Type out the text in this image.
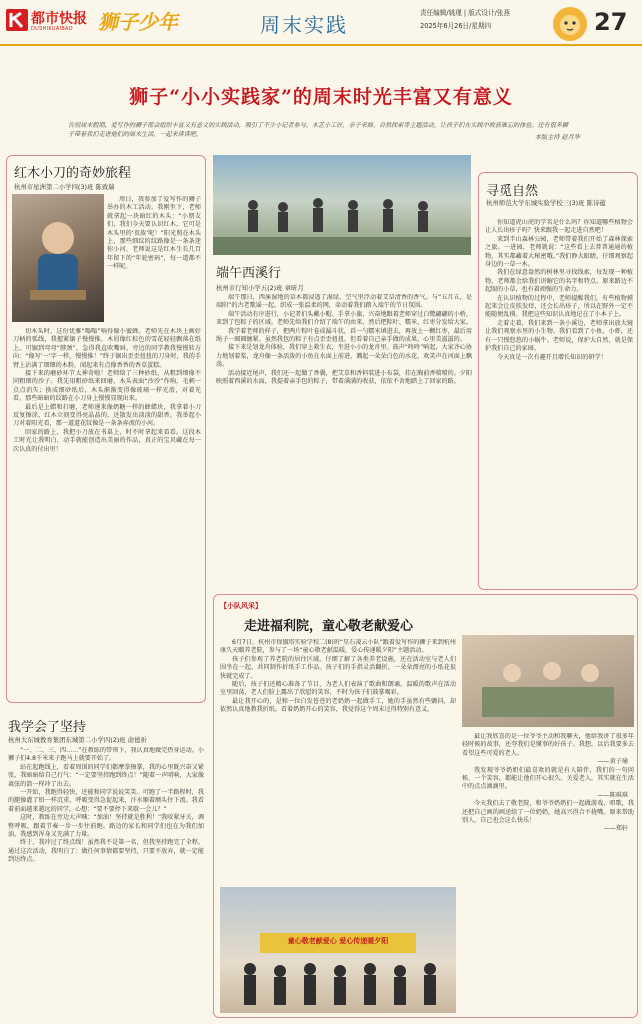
都市快报
DUSHIKUAIBAO 狮子少年	周末实践	责任编辑/姚瑾 | 版式设计/张燕
2025年6月26日/星期四	27
狮子“小小实践家”的周末时光丰富又有意义
告别周末假期，爱写作的狮子都会组织丰富又有意义的实践活动，吸引了不少小记者参与。木艺小工匠、亲子采摘、自然探索等主题活动，让孩子们在实践中收获难忘的体验。还有很多狮子带着我们走进他们的周末生活，一起来读读吧。	本版主持 赵月华
红木小刀的奇妙旅程
杭州市星洲第二小学四(3)班 陈致瑞

周日，我参加了爱写作的狮子举办的木工活动。我刚坐下，老师就拿起一块暗红的木头：“小朋友们，我们今天要认识红木，它可是木头里的‘贵族’呢！”阳光照在木头上，那些细纹的纹路像是一条条迷你小河，老师说这是红木生长几百年留下的“年轮密码”，每一道都不一样呢。

切木头时，这份优雅“嗡嗡”响得像小蜜蜂。老师先在木块上画好刀柄的弧线，我握紧锯子慢慢推，木屑像红棕色的雪花轻轻飘落在纸上。可锯到弯弯“脖颈”，急得我直吹嘴唇，旁边的同学教我慢慢转方向：“像写‘一’字一样，慢慢推！”终于锯出歪歪扭扭的刀身时，我的手臂上沾满了细细的木粉，闻起来有点像香香的香草蛋糕。

接下来的磨砂环节太神奇啦！老师给了三种砂纸，从粗到细像不同粗细的沙子。我先用粗砂纸来回磨，木头表面“沙沙”作响，毛刺一点点消失；换成细砂纸后，木头渐渐变得像玻璃一样光滑，对着光看，那些暗暗的纹路在小刀身上慢慢显现出来。

最后是上蜡和打磨，老师递来像奶糖一样的蜂蜡块，我拿着小刀反复擦涂，红木立刻变得亮晶晶的，还散发出淡淡的甜香。我举起小刀对着阳光看，那一道道花纹像是一条条奔流的小河。

回家的路上，我把小刀放在书桌上，时不时拿起来看看。这段木工时光让我明白，动手就能创造出美丽的作品，真正的宝贝藏在每一次认真的付出里！

我学会了坚持
杭州大东城教育集团东城第二小学四(2)班 俞德祈

“一、二、三、四……”在教练的带领下，我认真地做完热身运动。小狮子们4.8千米来子跑马上就要开始了。

站在起跑线上，看着周围的同学们都摩拳擦掌，我的心里既兴奋又紧张，我暗暗给自己打气：“一定要坚持跑到终点！”随着一声哨响，大家像离弦的箭一样冲了出去。

一开始，我跑得轻快，还能和同学说说笑笑。可跑了一半路程时，我的腿像灌了铅一样沉重，呼吸变得急促起来，汗水顺着额头往下流。我看着前面越来越远的同学，心想：“要不要停下来歇一会儿？”

这时，教练在旁边大声喊：“加油！坚持就是胜利！”我咬紧牙关，调整呼吸，跟着节奏一步一步往前跑。路边的家长和同学们也在为我们加油，我感到浑身又充满了力量。

终于，我冲过了终点线！虽然我不是第一名，但我坚持跑完了全程。通过这次活动，我明白了：做任何事情都要坚持，只要不放弃，就一定能到达终点。

端午西溪行
杭州市行知小学五(2)班 章昕月

端午那日，西溪湿地的草木都浸透了湿绿，空气里浮动着艾草清香的香气。与“五月五，是端阳”的古老歌谣一起，织成一张温柔的网，牵动着我们踏入端午的节日氛围。

端午活动有序进行，小记者们头戴小帽、手拿小旗，兴奋地跟着老师穿过白鹭翩翩的小桥，来到了包粽子的区域。老师先给我们介绍了端午的由来，然后把粽叶、糯米、红枣分发给大家。

我学着老师的样子，把两片粽叶卷成漏斗状，舀一勺糯米填进去，再放上一颗红枣，最后用绳子一圈圈缠紧。虽然我包的粽子有点歪歪扭扭，但看着自己亲手做的成果，心里美滋滋的。

接下来是划龙舟体验，我们穿上救生衣，坐进小小的龙舟里。鼓声“咚咚”响起，大家齐心协力地划着桨，龙舟像一条活泼的小鱼在水面上前进，溅起一朵朵白色的水花，欢笑声在河面上飘荡。

活动接近尾声，我们还一起做了香囊，把艾草和香料装进小布袋，挂在胸前香喷喷的。夕阳映照着西溪的水面，我提着亲手包的粽子，带着满满的收获，依依不舍地踏上了回家的路。

寻觅自然
杭州师范大学东城实验学校三(3)班 陈诗蕴

你知道虎山虎的学名是什么吗？你知道哪些植物会让人长出疹子吗？快来跟我一起走进自然吧！

来到半山森林公园，老师带着我们开始了森林探索之旅。一进园，老师就说：“这些看上去普普通通的植物，其实都藏着大秘密哦。”我们睁大眼睛，仔细观察起身边的一草一木。

我们在绿意盎然的树林里寻找线索，每发现一种植物，老师都会给我们讲解它的名字和特点。原来路边不起眼的小草，也有着顽强的生命力。

在认识植物的过程中，老师提醒我们，有些植物摸起来会让皮肤发痒，还会长出疹子，所以在野外一定不能随便乱摸。我把这些知识认真地记在了小本子上。

走着走着，我们来到一条小溪边，老师拿出放大镜让我们观察水里的小生物。我们看到了小鱼、小虾，还有一只慢悠悠的小蜗牛。老师说，保护大自然，就是保护我们自己的家园。

今天真是一次有趣开且增长知识的研学！

【小队风采】
走进福利院，童心敬老献爱心

6月7日，杭州市保俶塔实验学校二(8)班“星石凌云小队”跟着爱写作的狮子来到杭州康久天颐养老院，参与了一场“童心敬老献温暖，爱心传递暖夕阳”主题活动。

孩子们参观了养老院的居住区域，仔细了解了各类养老设施，还在活动室与老人们围坐在一起，共同制作折纸手工作品。孩子们的手指灵活翻折，一朵朵漂亮的小纸花很快就完成了。

随后，孩子们还精心准备了节目，为老人们表演了歌曲和朗诵，温暖的歌声在活动室里回荡，老人们脸上露出了欣慰的笑容，不时为孩子们鼓掌喝彩。

最让我开心的，是和一位白发苍苍的老奶奶一起做手工，她的手虽然有些颤抖，却依然认真地教我折纸。看着奶奶开心的笑容，我觉得这个周末过得特别有意义。

最让我欣喜的是一位爷爷主动和我聊天，他给我讲了很多年轻时候的故事，还夸我们是懂事的好孩子。我想，以后我要多去看望这些可爱的老人。

——黄子瑜

我发现爷爷奶奶们最喜欢的就是有人陪伴，我们的一句问候、一个笑容，都能让他们开心很久。关爱老人，其实就在生活中的点点滴滴里。

——陈琪琪

今天我们去了敬老院，和爷爷奶奶们一起做游戏、唱歌，我还把自己画的画送给了一位奶奶，她高兴得合不拢嘴。原来帮助别人，自己也会这么快乐！

——郑轩

童心敬老献爱心 爱心传递暖夕阳
